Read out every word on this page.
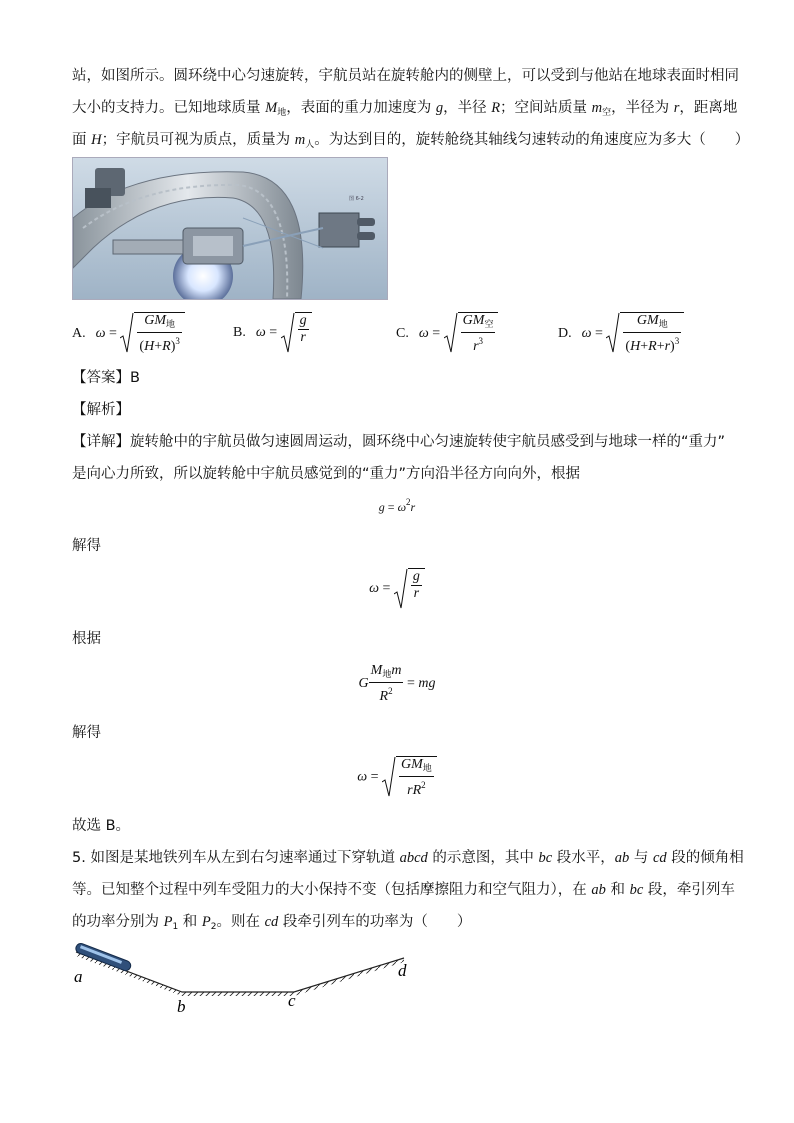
站，如图所示。圆环绕中心匀速旋转，宇航员站在旋转舱内的侧壁上，可以受到与他站在地球表面时相同
大小的支持力。已知地球质量 $M_地$，表面的重力加速度为 g，半径 R；空间站质量 $m_空$，半径为 r，距离地
面 H；宇航员可视为质点，质量为 $m_人$。为达到目的，旋转舱绕其轴线匀速转动的角速度应为多大（　　）
图 6-2
A. ω
=
$\frac{GM_地}{(H+R)^3}$	B. ω
=
$\frac{g}{r}$	C. ω
=
$\frac{GM_空}{r^3}$	D. ω
=
$\frac{GM_地}{(H+R+r)^3}$
【答案】B
【解析】
【详解】旋转舱中的宇航员做匀速圆周运动，圆环绕中心匀速旋转使宇航员感受到与地球一样的“重力”
是向心力所致，所以旋转舱中宇航员感觉到的“重力”方向沿半径方向向外，根据
$g = \omega^2r$
解得
$\omega = \frac{g}{r}$
根据
G $\frac{M_地m}{R^2}$ = mg
解得
$\omega = \frac{GM_地}{rR^2}$
故选 B。
5. 如图是某地铁列车从左到右匀速率通过下穿轨道 abcd 的示意图，其中 bc 段水平，ab 与 cd 段的倾角相
等。已知整个过程中列车受阻力的大小保持不变（包括摩擦阻力和空气阻力），在 ab 和 bc 段，牵引列车
的功率分别为 $P_1$ 和 $P_2$。则在 cd 段牵引列车的功率为（　　）
a
b	c
d
